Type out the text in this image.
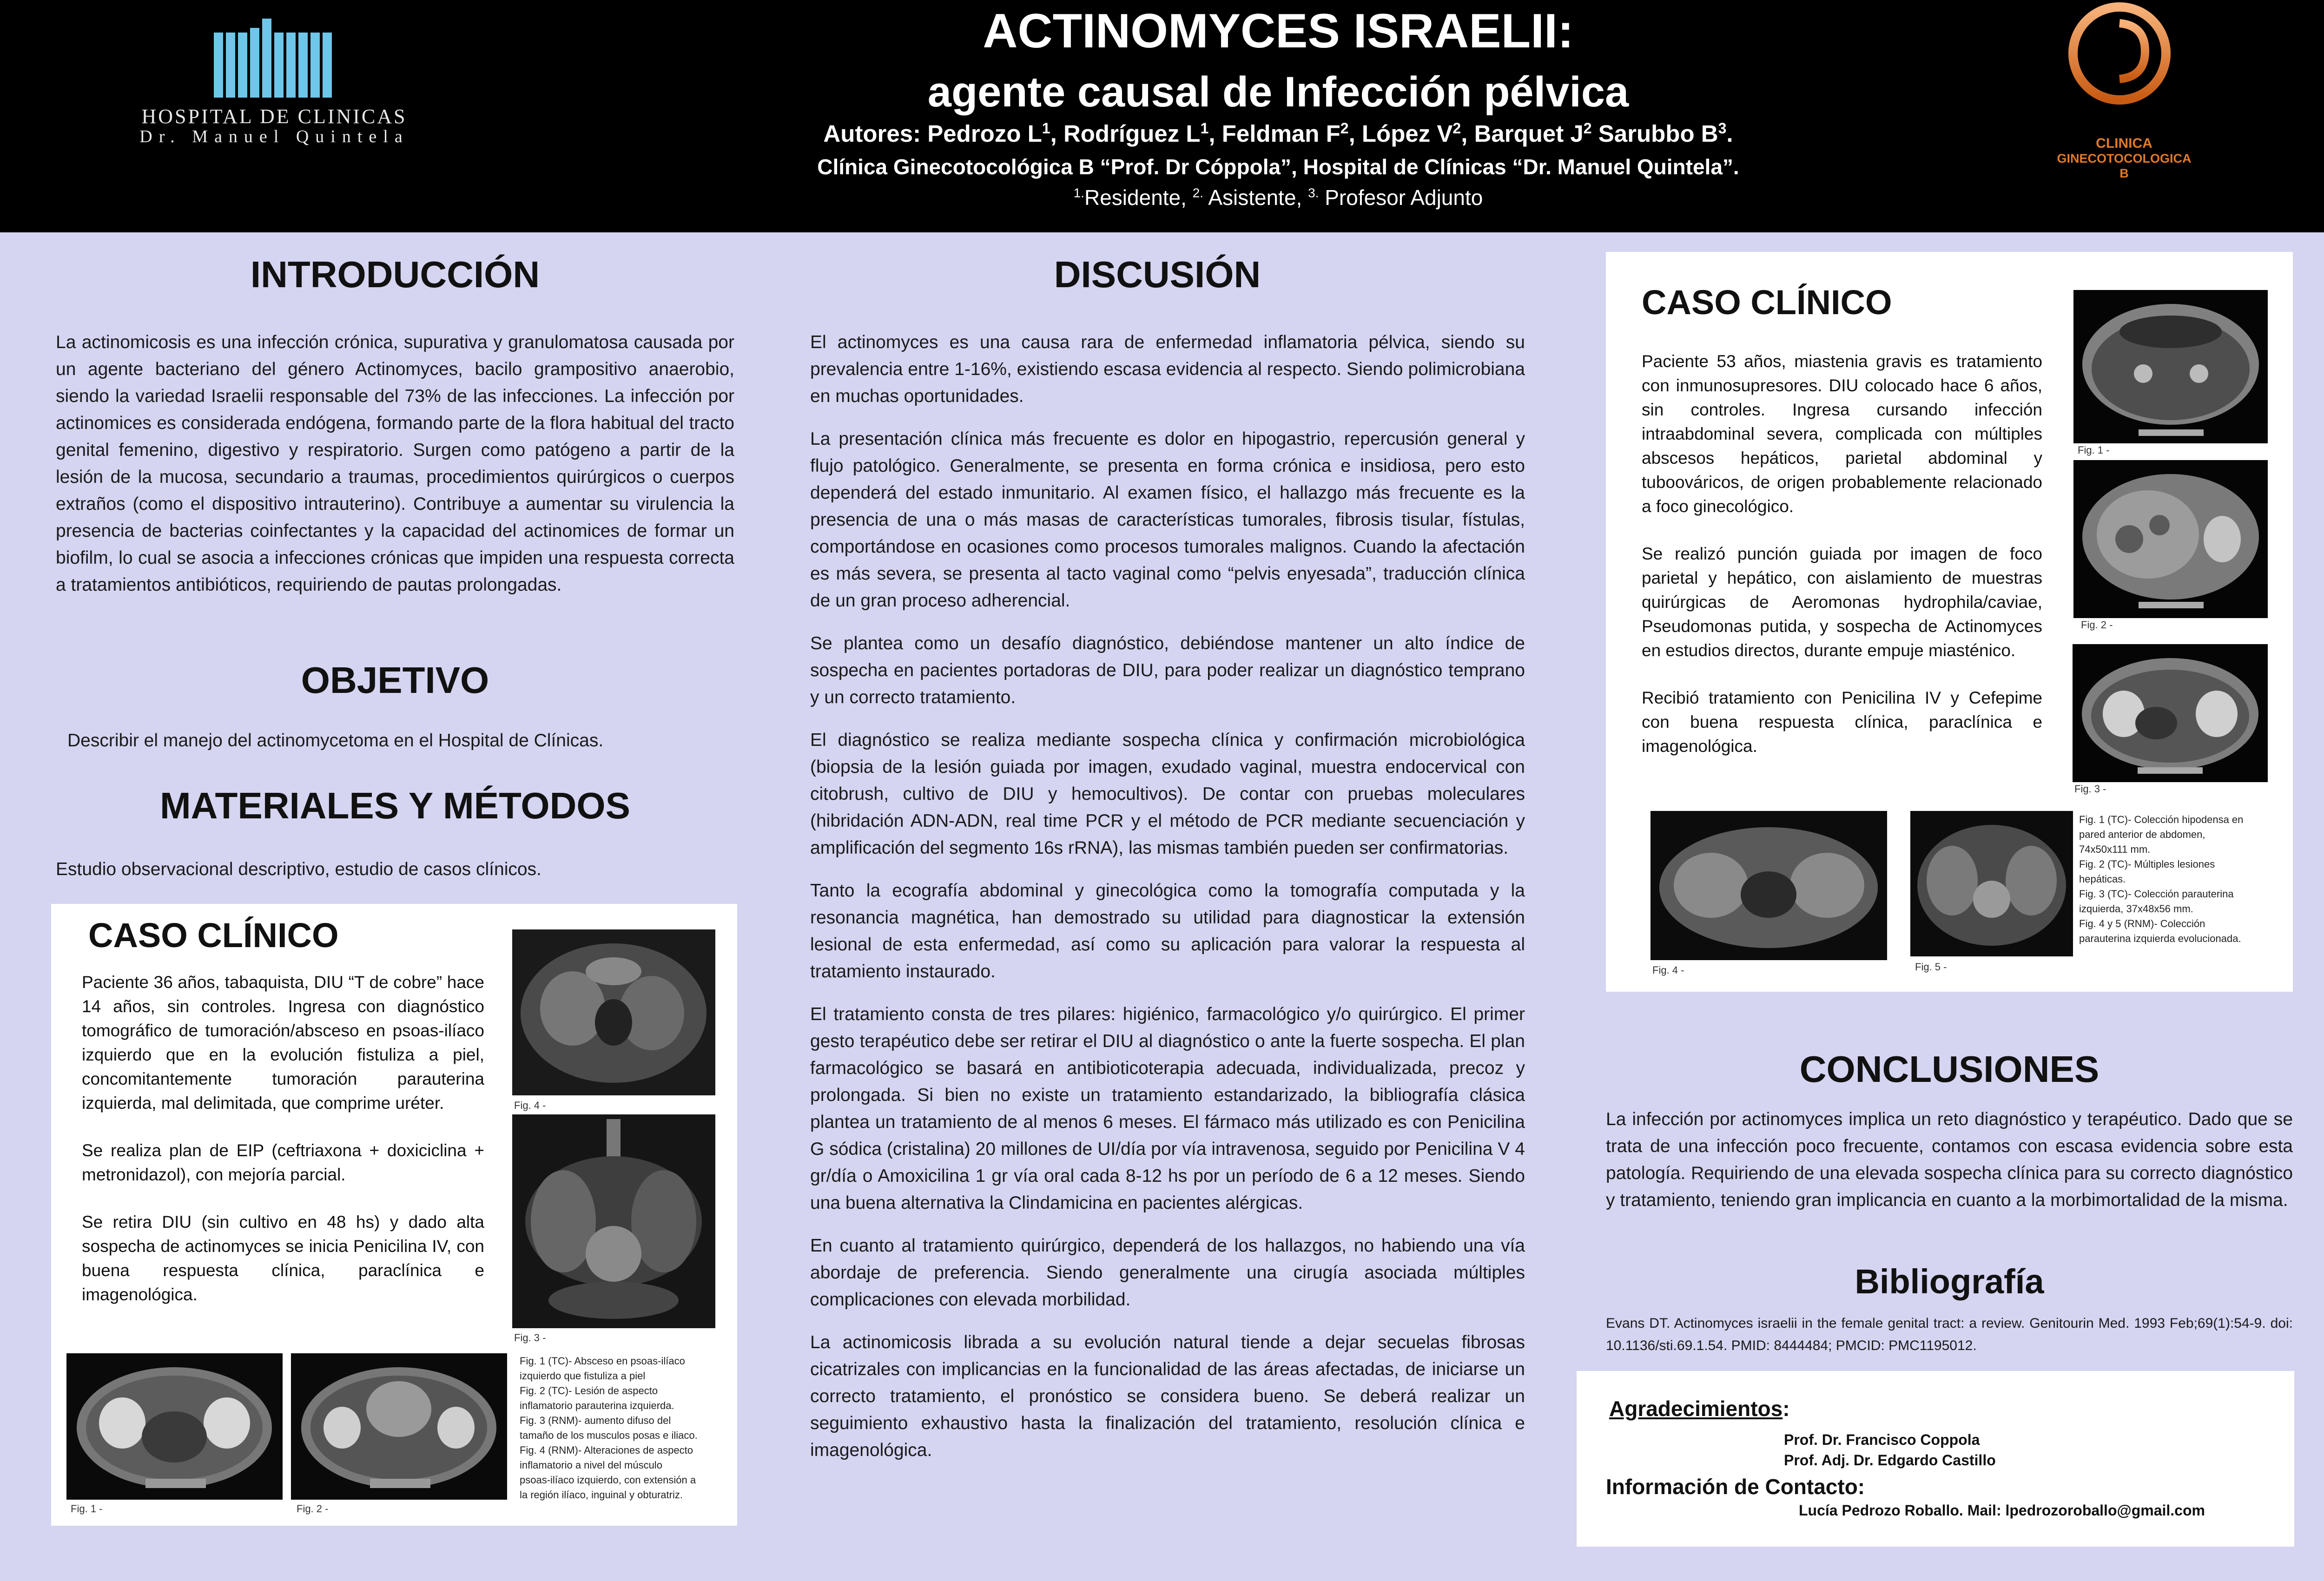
HOSPITAL DE CLINICAS
Dr. Manuel Quintela
ACTINOMYCES ISRAELII:
agente causal de Infección pélvica
Autores: Pedrozo $L^1$, Rodríguez $L^1$, Feldman $F^2$, López $V^2$, Barquet $J^2$ Sarubbo $B^3$.
Clínica Ginecotocológica B “Prof. Dr Cóppola”, Hospital de Clínicas “Dr. Manuel Quintela”.
$^{1.}$Residente, $^{2.}$ Asistente, $^{3.}$ Profesor Adjunto
CLINICA
GINECOTOCOLOGICA
B
INTRODUCCIÓN
La actinomicosis es una infección crónica, supurativa y granulomatosa causada por un agente bacteriano del género Actinomyces, bacilo grampositivo anaerobio, siendo la variedad Israelii responsable del 73% de las infecciones. La infección por actinomices es considerada endógena, formando parte de la flora habitual del tracto genital femenino, digestivo y respiratorio. Surgen como patógeno a partir de la lesión de la mucosa, secundario a traumas, procedimientos quirúrgicos o cuerpos extraños (como el dispositivo intrauterino). Contribuye a aumentar su virulencia la presencia de bacterias coinfectantes y la capacidad del actinomices de formar un biofilm, lo cual se asocia a infecciones crónicas que impiden una respuesta correcta a tratamientos antibióticos, requiriendo de pautas prolongadas.
OBJETIVO
Describir el manejo del actinomycetoma en el Hospital de Clínicas.
MATERIALES Y MÉTODOS
Estudio observacional descriptivo, estudio de casos clínicos.
CASO CLÍNICO

Paciente 36 años, tabaquista, DIU “T de cobre” hace 14 años, sin controles. Ingresa con diagnóstico tomográfico de tumoración/absceso en psoas-ilíaco izquierdo que en la evolución fistuliza a piel, concomitantemente tumoración parauterina izquierda, mal delimitada, que comprime uréter.

Se realiza plan de EIP (ceftriaxona + doxiciclina + metronidazol), con mejoría parcial.

Se retira DIU (sin cultivo en 48 hs) y dado alta sospecha de actinomyces se inicia Penicilina IV, con buena respuesta clínica, paraclínica e imagenológica.

Fig. 4 -
Fig. 3 -
Fig. 1 (TC)- Absceso en psoas-ilíaco
izquierdo que fistuliza a piel
Fig. 2 (TC)- Lesión de aspecto
inflamatorio parauterina izquierda.
Fig. 3 (RNM)- aumento difuso del
tamaño de los musculos posas e iliaco.
Fig. 4 (RNM)- Alteraciones de aspecto
inflamatorio a nivel del músculo
psoas-ilíaco izquierdo, con extensión a
la región ilíaco, inguinal y obturatriz.
Fig. 1 -	Fig. 2 -
DISCUSIÓN

El actinomyces es una causa rara de enfermedad inflamatoria pélvica, siendo su prevalencia entre 1-16%, existiendo escasa evidencia al respecto. Siendo polimicrobiana en muchas oportunidades.

La presentación clínica más frecuente es dolor en hipogastrio, repercusión general y flujo patológico. Generalmente, se presenta en forma crónica e insidiosa, pero esto dependerá del estado inmunitario. Al examen físico, el hallazgo más frecuente es la presencia de una o más masas de características tumorales, fibrosis tisular, fístulas, comportándose en ocasiones como procesos tumorales malignos. Cuando la afectación es más severa, se presenta al tacto vaginal como “pelvis enyesada”, traducción clínica de un gran proceso adherencial.

Se plantea como un desafío diagnóstico, debiéndose mantener un alto índice de sospecha en pacientes portadoras de DIU, para poder realizar un diagnóstico temprano y un correcto tratamiento.

El diagnóstico se realiza mediante sospecha clínica y confirmación microbiológica (biopsia de la lesión guiada por imagen, exudado vaginal, muestra endocervical con citobrush, cultivo de DIU y hemocultivos). De contar con pruebas moleculares (hibridación ADN-ADN, real time PCR y el método de PCR mediante secuenciación y amplificación del segmento 16s rRNA), las mismas también pueden ser confirmatorias.

Tanto la ecografía abdominal y ginecológica como la tomografía computada y la resonancia magnética, han demostrado su utilidad para diagnosticar la extensión lesional de esta enfermedad, así como su aplicación para valorar la respuesta al tratamiento instaurado.

El tratamiento consta de tres pilares: higiénico, farmacológico y/o quirúrgico. El primer gesto terapéutico debe ser retirar el DIU al diagnóstico o ante la fuerte sospecha. El plan farmacológico se basará en antibioticoterapia adecuada, individualizada, precoz y prolongada. Si bien no existe un tratamiento estandarizado, la bibliografía clásica plantea un tratamiento de al menos 6 meses. El fármaco más utilizado es con Penicilina G sódica (cristalina) 20 millones de UI/día por vía intravenosa, seguido por Penicilina V 4 gr/día o Amoxicilina 1 gr vía oral cada 8-12 hs por un período de 6 a 12 meses. Siendo una buena alternativa la Clindamicina en pacientes alérgicas.

En cuanto al tratamiento quirúrgico, dependerá de los hallazgos, no habiendo una vía abordaje de preferencia. Siendo generalmente una cirugía asociada múltiples complicaciones con elevada morbilidad.

La actinomicosis librada a su evolución natural tiende a dejar secuelas fibrosas cicatrizales con implicancias en la funcionalidad de las áreas afectadas, de iniciarse un correcto tratamiento, el pronóstico se considera bueno. Se deberá realizar un seguimiento exhaustivo hasta la finalización del tratamiento, resolución clínica e imagenológica.

CASO CLÍNICO

Paciente 53 años, miastenia gravis es tratamiento con inmunosupresores. DIU colocado hace 6 años, sin controles. Ingresa cursando infección intraabdominal severa, complicada con múltiples abscesos hepáticos, parietal abdominal y tuboováricos, de origen probablemente relacionado a foco ginecológico.

Se realizó punción guiada por imagen de foco parietal y hepático, con aislamiento de muestras quirúrgicas de Aeromonas hydrophila/caviae, Pseudomonas putida, y sospecha de Actinomyces en estudios directos, durante empuje miasténico.

Recibió tratamiento con Penicilina IV y Cefepime con buena respuesta clínica, paraclínica e imagenológica.

Fig. 1 -
Fig. 2 -
Fig. 3 -
Fig. 4 -	Fig. 5 -
Fig. 1 (TC)- Colección hipodensa en
pared anterior de abdomen,
74x50x111 mm.
Fig. 2 (TC)- Múltiples lesiones
hepáticas.
Fig. 3 (TC)- Colección parauterina
izquierda, 37x48x56 mm.
Fig. 4 y 5 (RNM)- Colección
parauterina izquierda evolucionada.
CONCLUSIONES
La infección por actinomyces implica un reto diagnóstico y terapéutico. Dado que se trata de una infección poco frecuente, contamos con escasa evidencia sobre esta patología. Requiriendo de una elevada sospecha clínica para su correcto diagnóstico y tratamiento, teniendo gran implicancia en cuanto a la morbimortalidad de la misma.
Bibliografía
Evans DT. Actinomyces israelii in the female genital tract: a review. Genitourin Med. 1993 Feb;69(1):54-9. doi: 10.1136/sti.69.1.54. PMID: 8444484; PMCID: PMC1195012.
Agradecimientos:
Prof. Dr. Francisco Coppola
Prof. Adj. Dr. Edgardo Castillo
Información de Contacto:
Lucía Pedrozo Roballo. Mail: lpedrozoroballo@gmail.com
